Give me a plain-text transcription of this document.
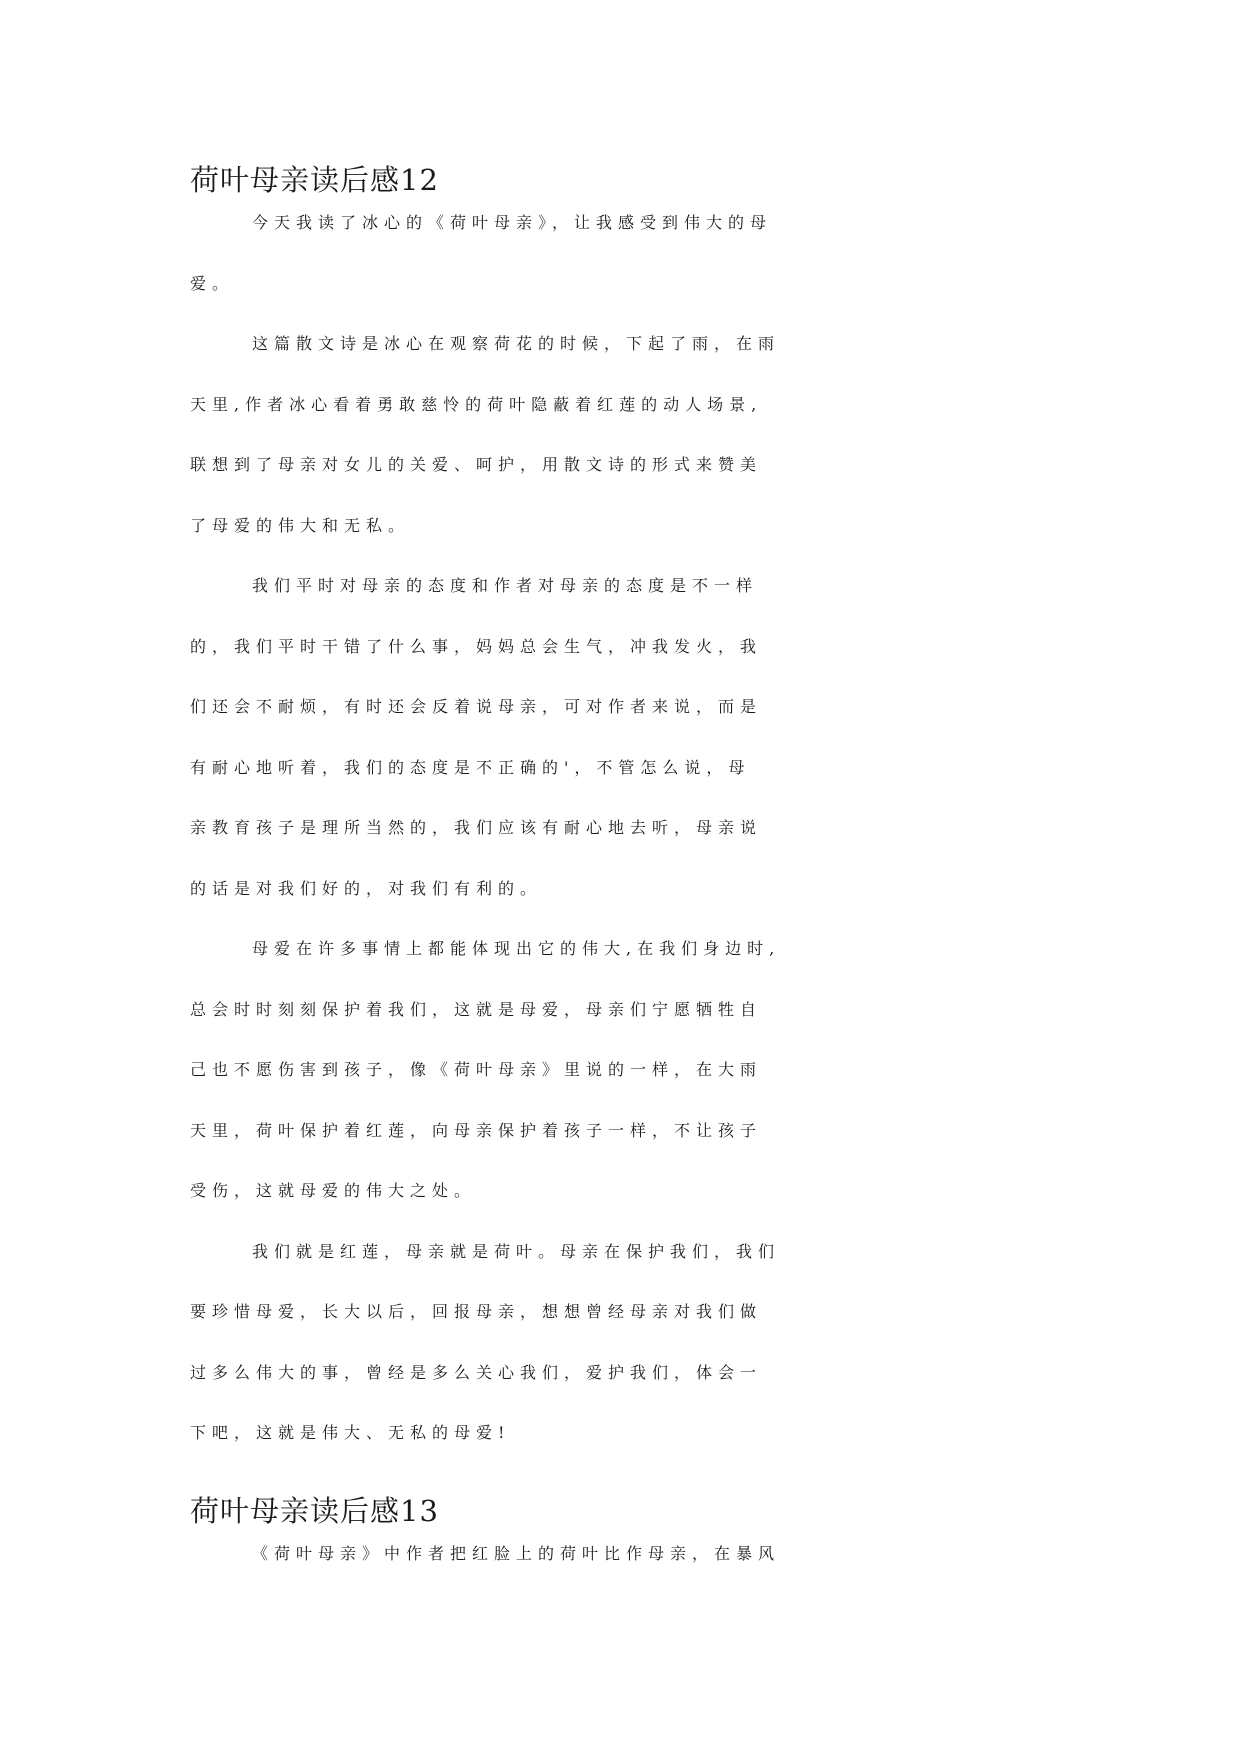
荷叶母亲读后感12
今天我读了冰心的《荷叶母亲》，让我感受到伟大的母
爱。
这篇散文诗是冰心在观察荷花的时候，下起了雨，在雨
天里,作者冰心看着勇敢慈怜的荷叶隐蔽着红莲的动人场景,
联想到了母亲对女儿的关爱、呵护，用散文诗的形式来赞美
了母爱的伟大和无私。
我们平时对母亲的态度和作者对母亲的态度是不一样
的，我们平时干错了什么事，妈妈总会生气，冲我发火，我
们还会不耐烦，有时还会反着说母亲，可对作者来说，而是
有耐心地听着，我们的态度是不正确的'，不管怎么说，母
亲教育孩子是理所当然的，我们应该有耐心地去听，母亲说
的话是对我们好的，对我们有利的。
母爱在许多事情上都能体现出它的伟大,在我们身边时,
总会时时刻刻保护着我们，这就是母爱，母亲们宁愿牺牲自
己也不愿伤害到孩子，像《荷叶母亲》里说的一样，在大雨
天里，荷叶保护着红莲，向母亲保护着孩子一样，不让孩子
受伤，这就母爱的伟大之处。
我们就是红莲，母亲就是荷叶。母亲在保护我们，我们
要珍惜母爱，长大以后，回报母亲，想想曾经母亲对我们做
过多么伟大的事，曾经是多么关心我们，爱护我们，体会一
下吧，这就是伟大、无私的母爱!
荷叶母亲读后感13
《荷叶母亲》中作者把红脸上的荷叶比作母亲，在暴风
